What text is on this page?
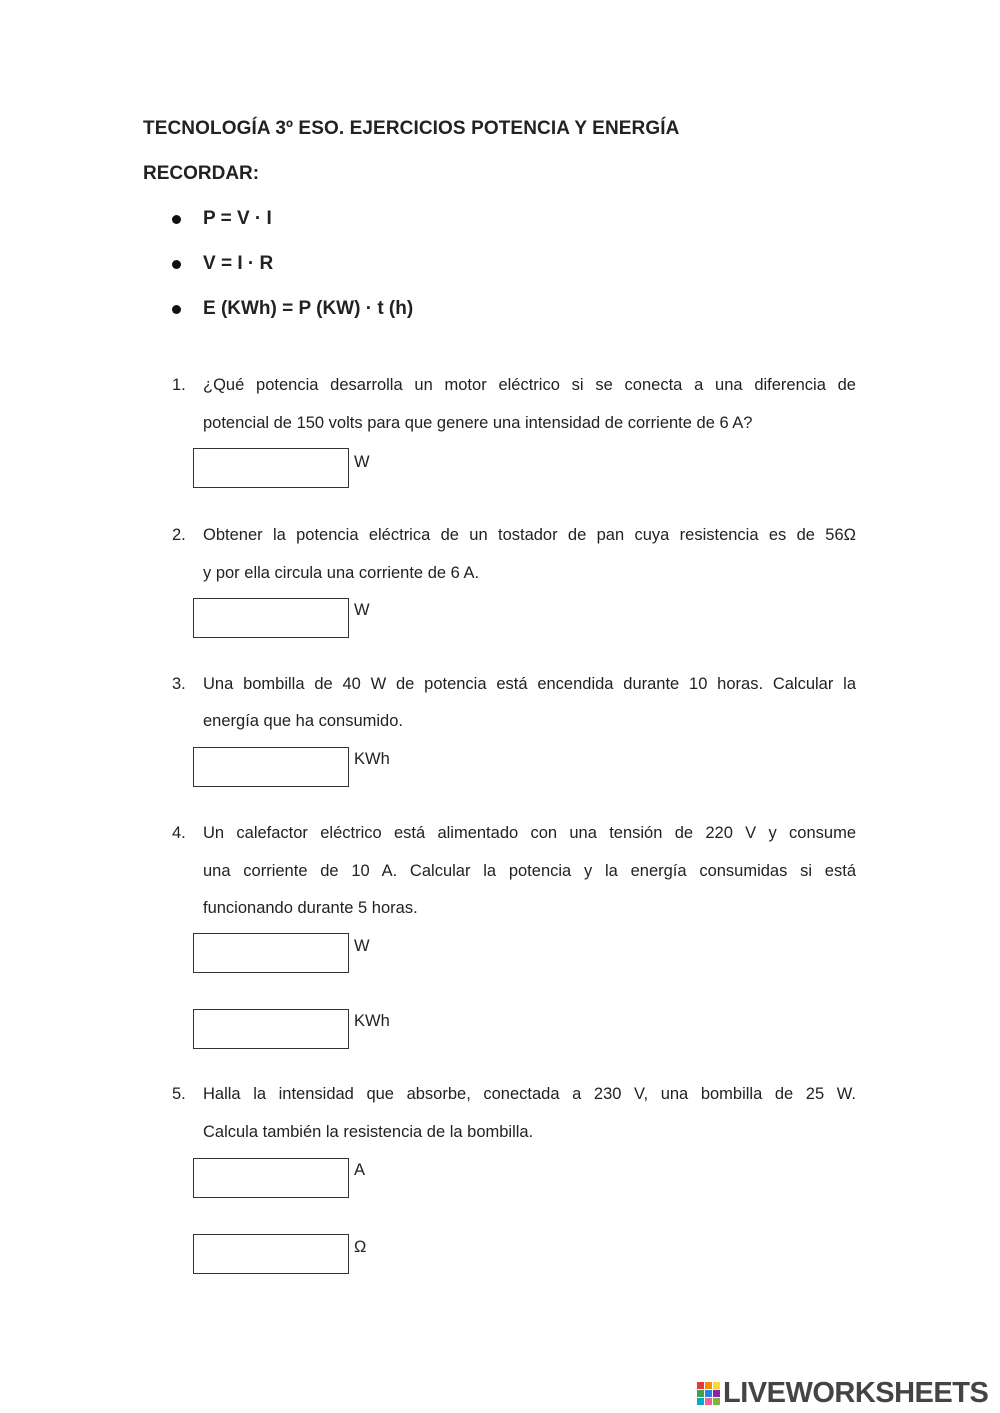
TECNOLOGÍA 3º ESO. EJERCICIOS POTENCIA Y ENERGÍA
RECORDAR:
P = V · I
V = I · R
E (KWh) = P (KW) · t (h)
1. ¿Qué potencia desarrolla un motor eléctrico si se conecta a una diferencia de
potencial de 150 volts para que genere una intensidad de corriente de 6 A?
W
2. Obtener la potencia eléctrica de un tostador de pan cuya resistencia es de 56Ω
y por ella circula una corriente de 6 A.
W
3. Una bombilla de 40 W de potencia está encendida durante 10 horas. Calcular la
energía que ha consumido.
KWh
4. Un calefactor eléctrico está alimentado con una tensión de 220 V y consume
una corriente de 10 A. Calcular la potencia y la energía consumidas si está
funcionando durante 5 horas.
W
KWh
5. Halla la intensidad que absorbe, conectada a 230 V, una bombilla de 25 W.
Calcula también la resistencia de la bombilla.
A
Ω
LIVEWORKSHEETS
